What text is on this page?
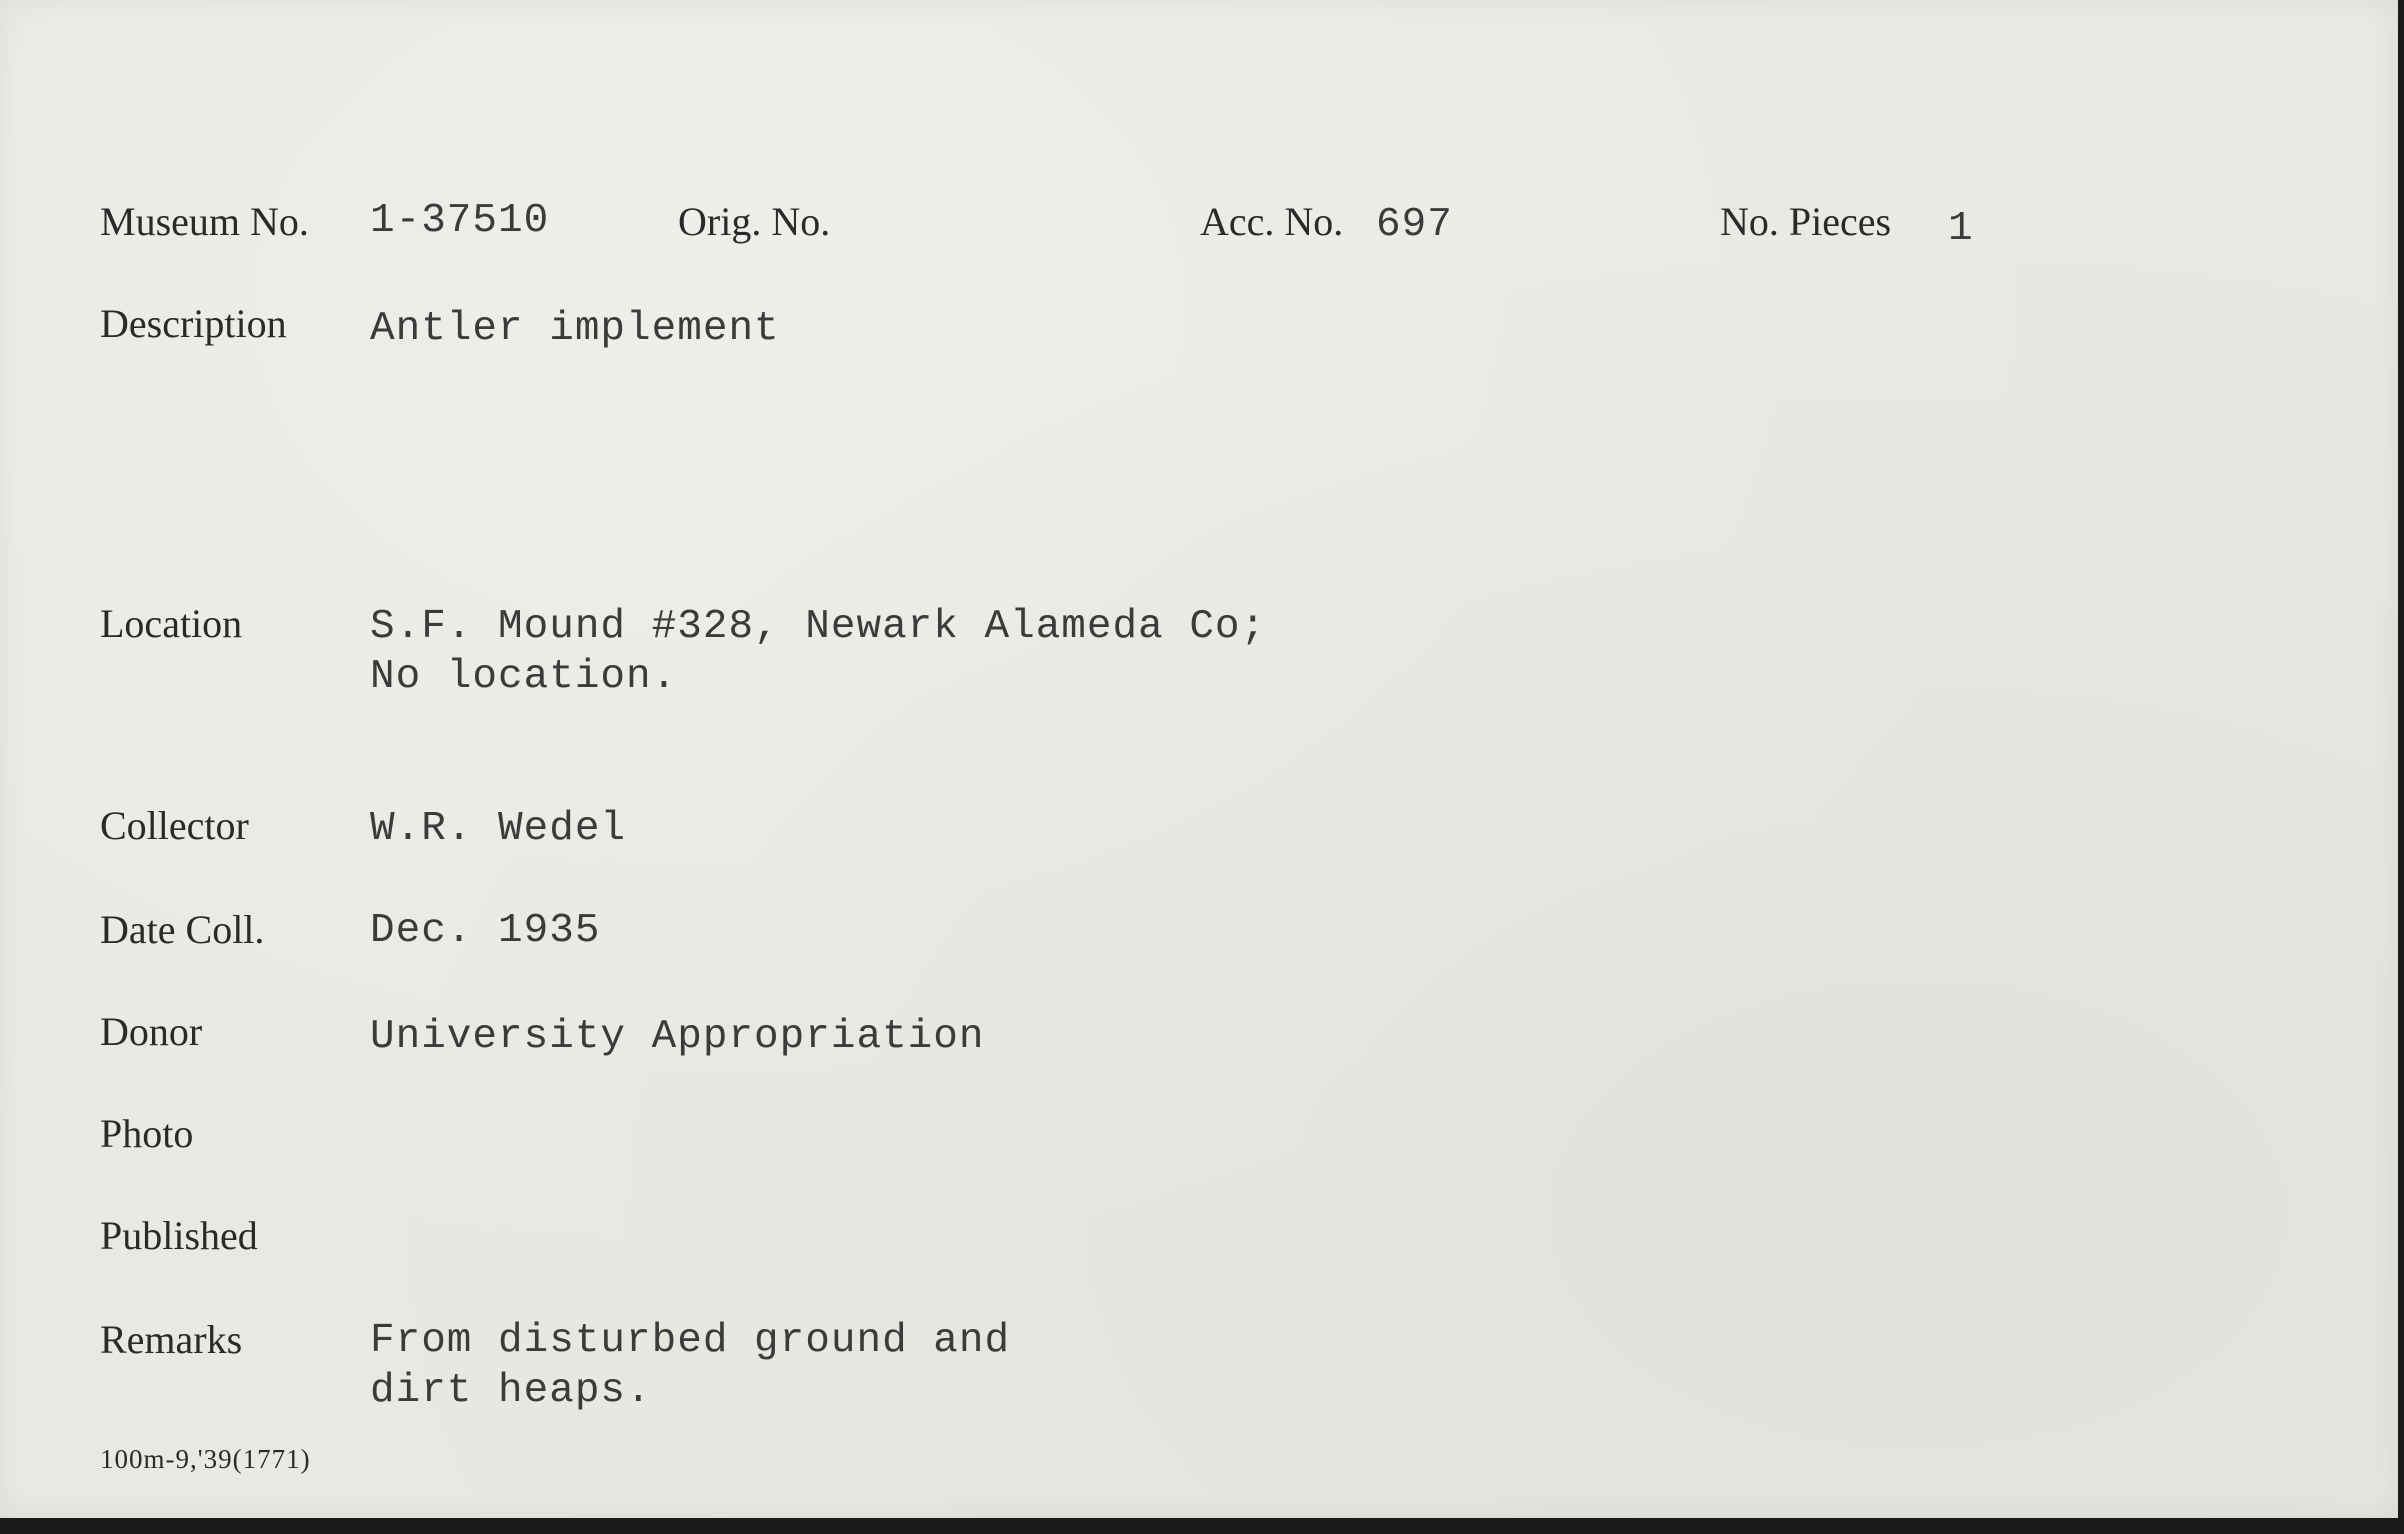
Museum No. 1-37510	Orig. No.	Acc. No. 697	No. Pieces 1
Description Antler implement
Location	S.F. Mound #328, Newark Alameda Co;
No location.
Collector	W.R. Wedel
Date Coll.	Dec. 1935
Donor	University Appropriation
Photo
Published
Remarks	From disturbed ground and
dirt heaps.
100m-9,'39(1771)
